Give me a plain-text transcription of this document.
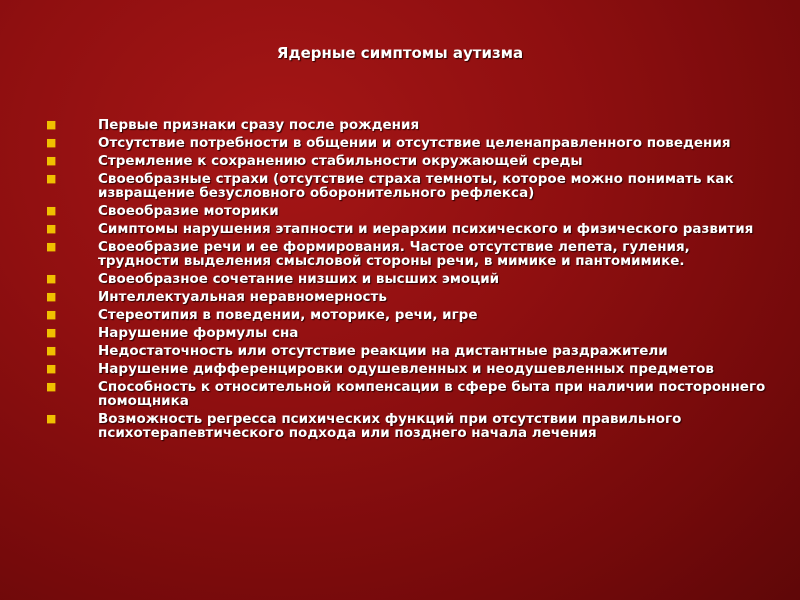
Ядерные симптомы аутизма
■	Первые признаки сразу после рождения
■	Отсутствие потребности в общении и отсутствие целенаправленного поведения
■	Стремление к сохранению стабильности окружающей среды
■	Своеобразные страхи (отсутствие страха темноты, которое можно понимать как извращение безусловного оборонительного рефлекса)
■	Своеобразие моторики
■	Симптомы нарушения этапности и иерархии психического и физического развития
■	Своеобразие речи и ее формирования. Частое отсутствие лепета, гуления, трудности выделения смысловой стороны речи, в мимике и пантомимике.
■	Своеобразное сочетание низших и высших эмоций
■	Интеллектуальная неравномерность
■	Стереотипия в поведении, моторике, речи, игре
■	Нарушение формулы сна
■	Недостаточность или отсутствие реакции на дистантные раздражители
■	Нарушение дифференцировки одушевленных и неодушевленных предметов
■	Способность к относительной компенсации в сфере быта при наличии постороннего помощника
■	Возможность регресса психических функций при отсутствии правильного психотерапевтического подхода или позднего начала лечения
